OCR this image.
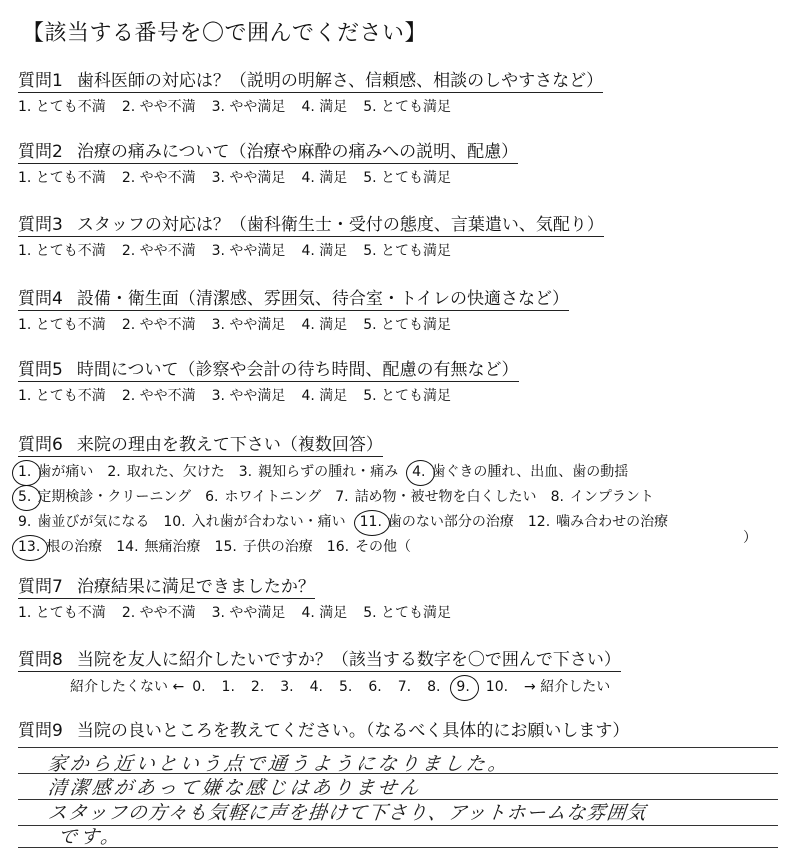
【該当する番号を〇で囲んでください】
質問1 歯科医師の対応は？（説明の明解さ、信頼感、相談のしやすさなど）
1. とても不満 2. やや不満 3. やや満足 4. 満足 5. とても満足
質問2 治療の痛みについて（治療や麻酔の痛みへの説明、配慮）
1. とても不満 2. やや不満 3. やや満足 4. 満足 5. とても満足
質問3 スタッフの対応は？（歯科衛生士・受付の態度、言葉遣い、気配り）
1. とても不満 2. やや不満 3. やや満足 4. 満足 5. とても満足
質問4 設備・衛生面（清潔感、雰囲気、待合室・トイレの快適さなど）
1. とても不満 2. やや不満 3. やや満足 4. 満足 5. とても満足
質問5 時間について（診察や会計の待ち時間、配慮の有無など）
1. とても不満 2. やや不満 3. やや満足 4. 満足 5. とても満足
質問6 来院の理由を教えて下さい（複数回答）
1. 歯が痛い 2. 取れた、欠けた 3. 親知らずの腫れ・痛み 4. 歯ぐきの腫れ、出血、歯の動揺
5. 定期検診・クリーニング 6. ホワイトニング 7. 詰め物・被せ物を白くしたい 8. インプラント
9. 歯並びが気になる 10. 入れ歯が合わない・痛い 11. 歯のない部分の治療 12. 噛み合わせの治療
13. 根の治療 14. 無痛治療 15. 子供の治療 16. その他（
）
質問7 治療結果に満足できましたか？
1. とても不満 2. やや不満 3. やや満足 4. 満足 5. とても満足
質問8 当院を友人に紹介したいですか？（該当する数字を〇で囲んで下さい）
紹介したくない ← 0. 1. 2. 3. 4. 5. 6. 7. 8. 9. 10. → 紹介したい
質問9 当院の良いところを教えてください。（なるべく具体的にお願いします）
家から近いという点で通うようになりました。
清潔感があって嫌な感じはありません
スタッフの方々も気軽に声を掛けて下さり、アットホームな雰囲気
です。
